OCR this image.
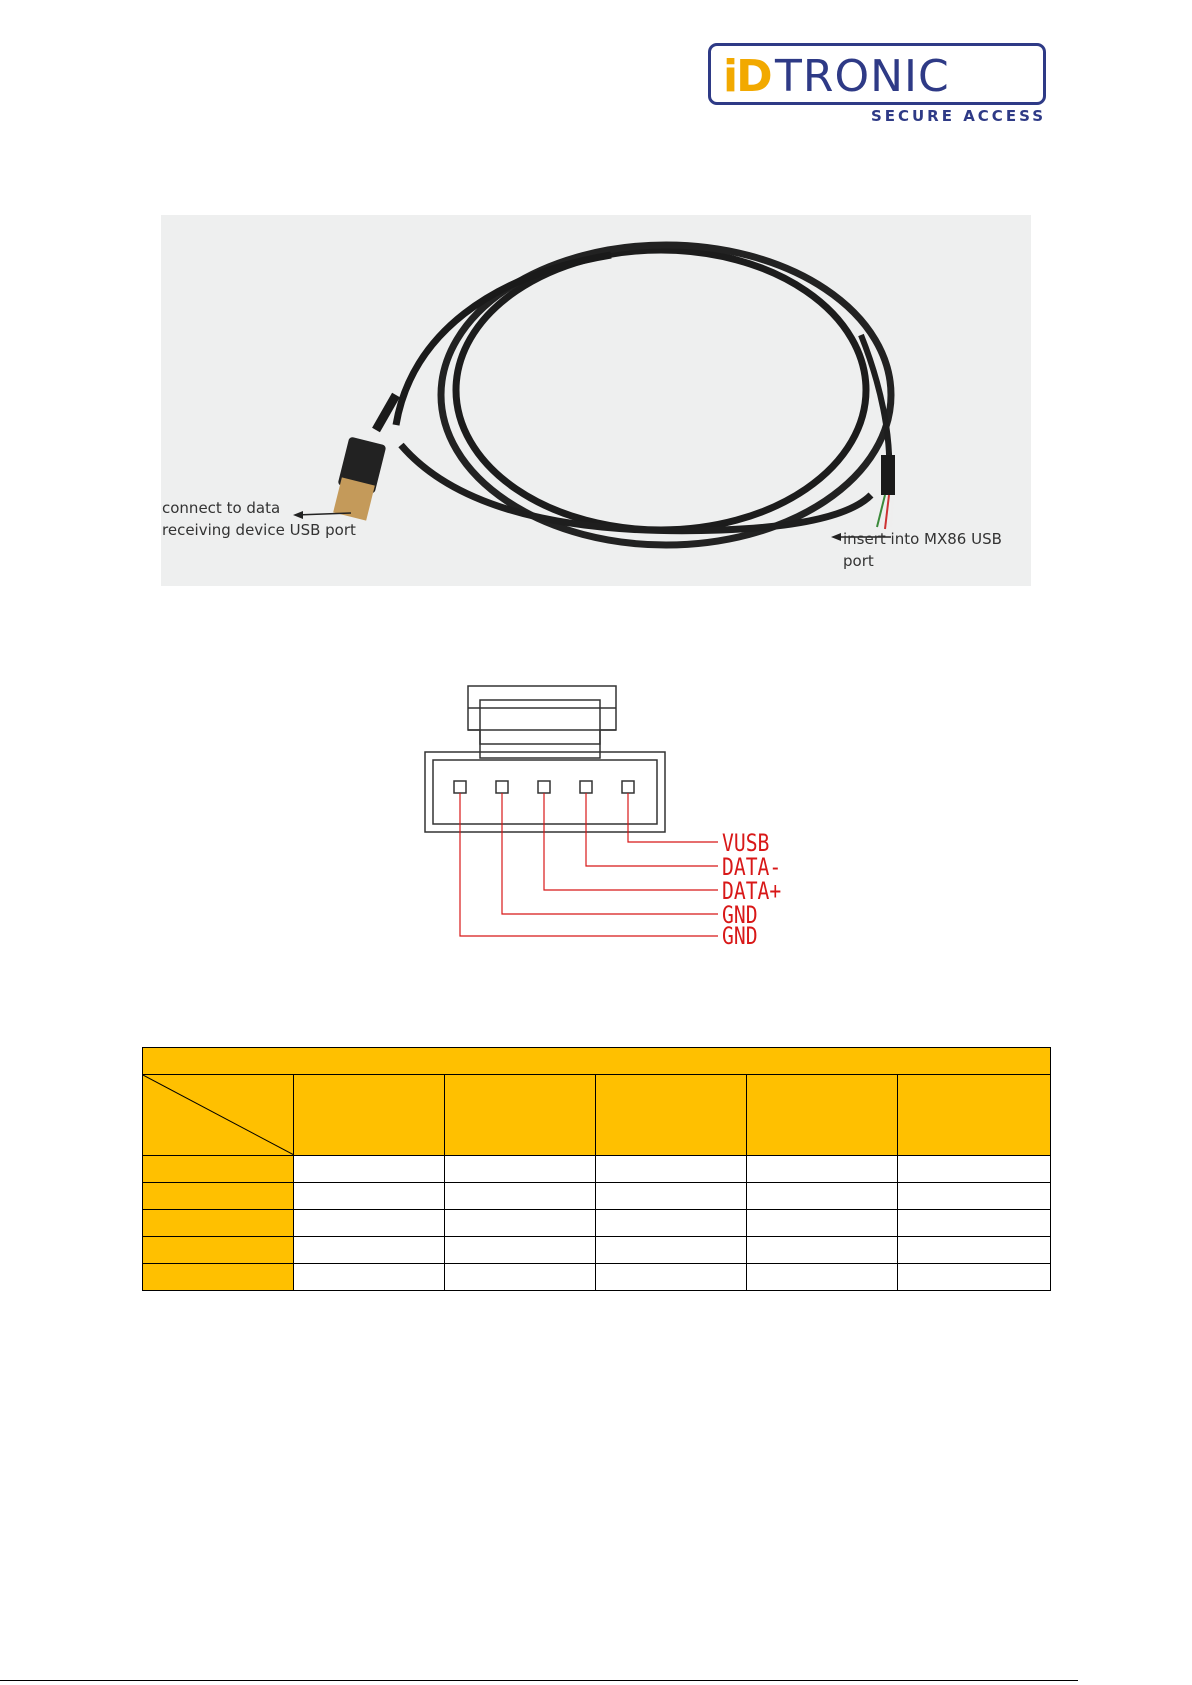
iD TRONIC
SECURE ACCESS
connect to data
receiving device USB port	insert into MX86 USB port
VUSB
DATA-
DATA+
GND
GND
